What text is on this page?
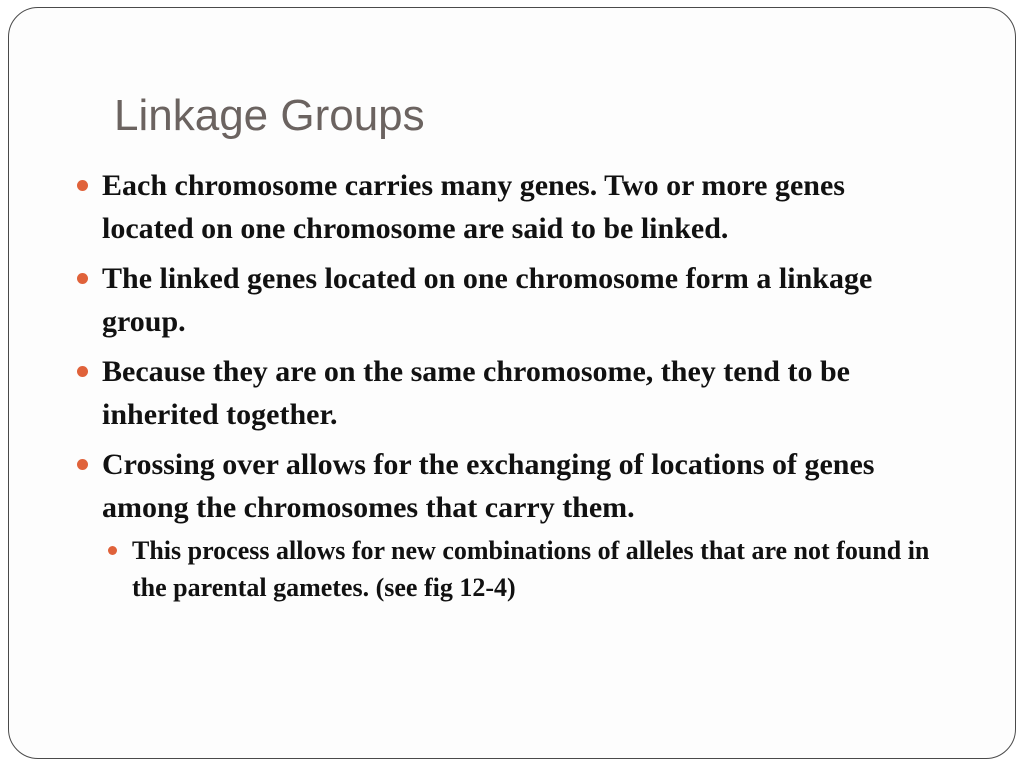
Linkage Groups
Each chromosome carries many genes. Two or more genes located on one chromosome are said to be linked.
The linked genes located on one chromosome form a linkage group.
Because they are on the same chromosome, they tend to be inherited together.
Crossing over allows for the exchanging of locations of genes among the chromosomes that carry them.
This process allows for new combinations of alleles that are not found in the parental gametes. (see fig 12-4)
